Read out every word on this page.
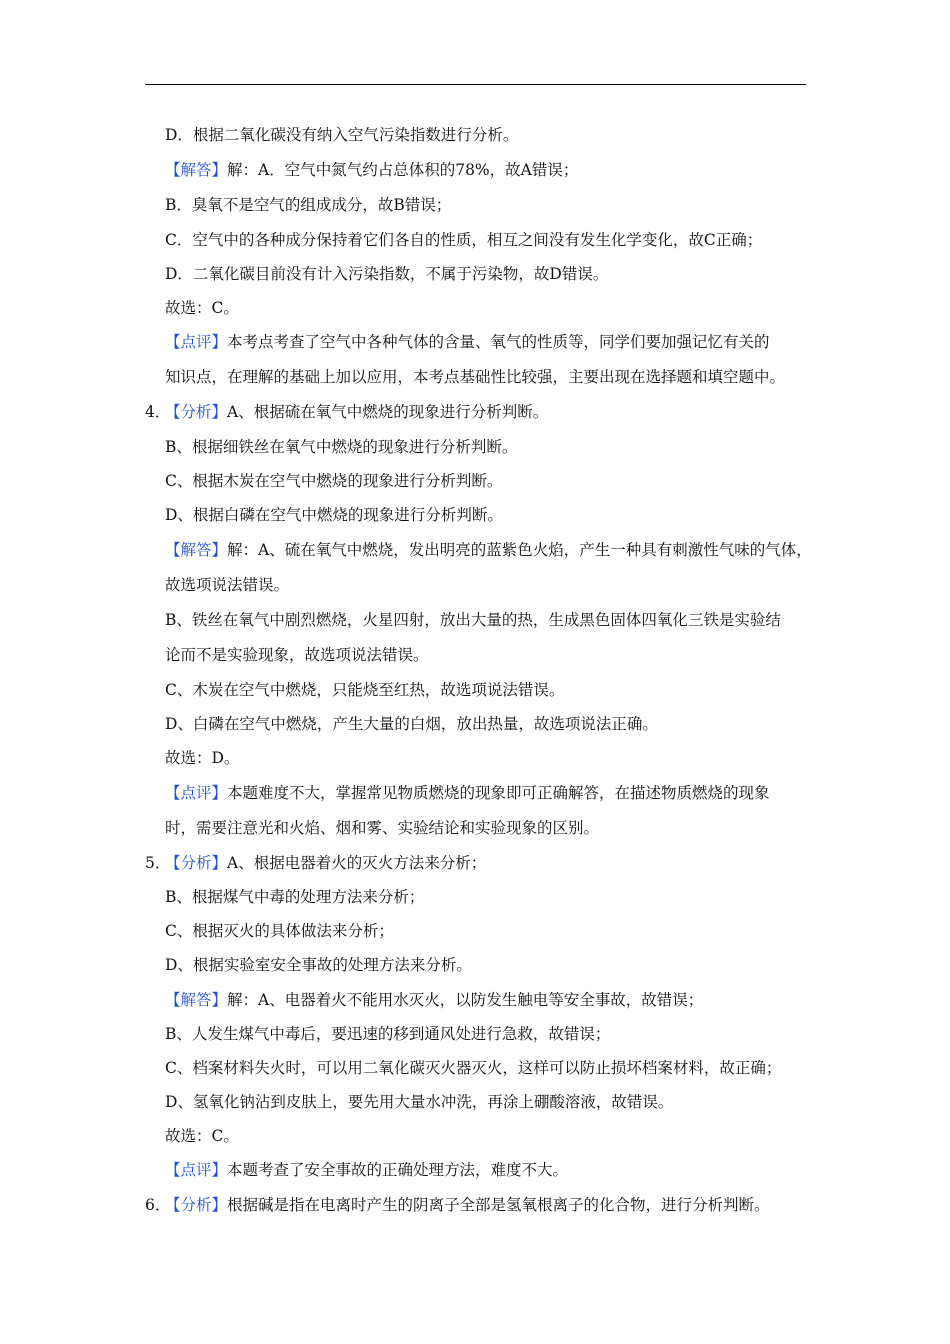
D．根据二氧化碳没有纳入空气污染指数进行分析。
【解答】解：A．空气中氮气约占总体积的78%，故A错误；
B．臭氧不是空气的组成成分，故B错误；
C．空气中的各种成分保持着它们各自的性质，相互之间没有发生化学变化，故C正确；
D．二氧化碳目前没有计入污染指数，不属于污染物，故D错误。
故选：C。
【点评】本考点考查了空气中各种气体的含量、氧气的性质等，同学们要加强记忆有关的
知识点，在理解的基础上加以应用，本考点基础性比较强，主要出现在选择题和填空题中。
4．【分析】A、根据硫在氧气中燃烧的现象进行分析判断。
B、根据细铁丝在氧气中燃烧的现象进行分析判断。
C、根据木炭在空气中燃烧的现象进行分析判断。
D、根据白磷在空气中燃烧的现象进行分析判断。
【解答】解：A、硫在氧气中燃烧，发出明亮的蓝紫色火焰，产生一种具有刺激性气味的气体，
故选项说法错误。
B、铁丝在氧气中剧烈燃烧，火星四射，放出大量的热，生成黑色固体四氧化三铁是实验结
论而不是实验现象，故选项说法错误。
C、木炭在空气中燃烧，只能烧至红热，故选项说法错误。
D、白磷在空气中燃烧，产生大量的白烟，放出热量，故选项说法正确。
故选：D。
【点评】本题难度不大，掌握常见物质燃烧的现象即可正确解答，在描述物质燃烧的现象
时，需要注意光和火焰、烟和雾、实验结论和实验现象的区别。
5．【分析】A、根据电器着火的灭火方法来分析；
B、根据煤气中毒的处理方法来分析；
C、根据灭火的具体做法来分析；
D、根据实验室安全事故的处理方法来分析。
【解答】解：A、电器着火不能用水灭火，以防发生触电等安全事故，故错误；
B、人发生煤气中毒后，要迅速的移到通风处进行急救，故错误；
C、档案材料失火时，可以用二氧化碳灭火器灭火，这样可以防止损坏档案材料，故正确；
D、氢氧化钠沾到皮肤上，要先用大量水冲洗，再涂上硼酸溶液，故错误。
故选：C。
【点评】本题考查了安全事故的正确处理方法，难度不大。
6．【分析】根据碱是指在电离时产生的阴离子全部是氢氧根离子的化合物，进行分析判断。
